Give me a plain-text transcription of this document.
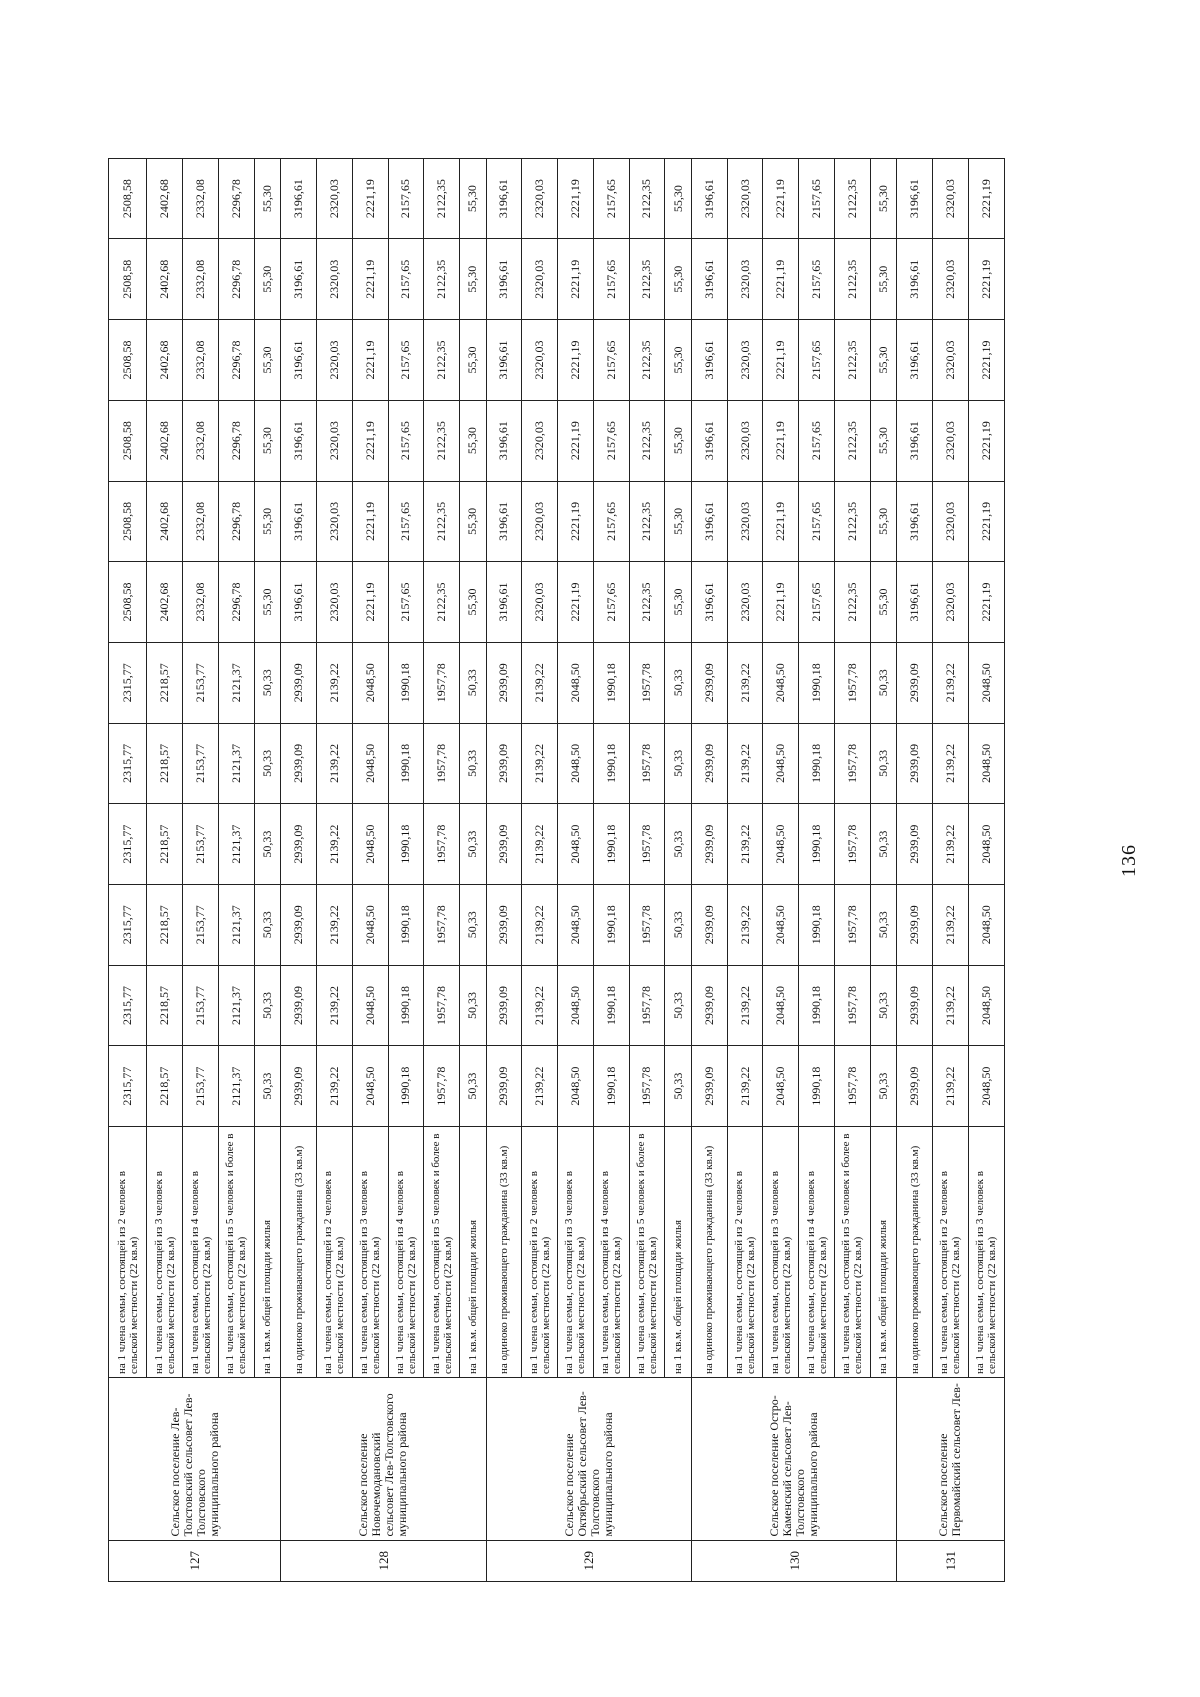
127	Сельское поселение Лев-Толстовский сельсовет Лев-Толстовского муниципального района	на 1 члена семьи, состоящей из 2 человек в сельской местности (22 кв.м)	2315,77	2315,77	2315,77	2315,77	2315,77	2315,77	2508,58	2508,58	2508,58	2508,58	2508,58	2508,58
		на 1 члена семьи, состоящей из 3 человек в сельской местности (22 кв.м)	2218,57	2218,57	2218,57	2218,57	2218,57	2218,57	2402,68	2402,68	2402,68	2402,68	2402,68	2402,68
		на 1 члена семьи, состоящей из 4 человек в сельской местности (22 кв.м)	2153,77	2153,77	2153,77	2153,77	2153,77	2153,77	2332,08	2332,08	2332,08	2332,08	2332,08	2332,08
		на 1 члена семьи, состоящей из 5 человек и более в сельской местности (22 кв.м)	2121,37	2121,37	2121,37	2121,37	2121,37	2121,37	2296,78	2296,78	2296,78	2296,78	2296,78	2296,78
		на 1 кв.м. общей площади жилья	50,33	50,33	50,33	50,33	50,33	50,33	55,30	55,30	55,30	55,30	55,30	55,30
128	Сельское поселение Новочемодановский сельсовет Лев-Толстовского муниципального района	на одиноко проживающего гражданина (33 кв.м)	2939,09	2939,09	2939,09	2939,09	2939,09	2939,09	3196,61	3196,61	3196,61	3196,61	3196,61	3196,61
		на 1 члена семьи, состоящей из 2 человек в сельской местности (22 кв.м)	2139,22	2139,22	2139,22	2139,22	2139,22	2139,22	2320,03	2320,03	2320,03	2320,03	2320,03	2320,03
		на 1 члена семьи, состоящей из 3 человек в сельской местности (22 кв.м)	2048,50	2048,50	2048,50	2048,50	2048,50	2048,50	2221,19	2221,19	2221,19	2221,19	2221,19	2221,19
		на 1 члена семьи, состоящей из 4 человек в сельской местности (22 кв.м)	1990,18	1990,18	1990,18	1990,18	1990,18	1990,18	2157,65	2157,65	2157,65	2157,65	2157,65	2157,65
		на 1 члена семьи, состоящей из 5 человек и более в сельской местности (22 кв.м)	1957,78	1957,78	1957,78	1957,78	1957,78	1957,78	2122,35	2122,35	2122,35	2122,35	2122,35	2122,35
		на 1 кв.м. общей площади жилья	50,33	50,33	50,33	50,33	50,33	50,33	55,30	55,30	55,30	55,30	55,30	55,30
129	Сельское поселение Октябрьский сельсовет Лев-Толстовского муниципального района	на одиноко проживающего гражданина (33 кв.м)	2939,09	2939,09	2939,09	2939,09	2939,09	2939,09	3196,61	3196,61	3196,61	3196,61	3196,61	3196,61
		на 1 члена семьи, состоящей из 2 человек в сельской местности (22 кв.м)	2139,22	2139,22	2139,22	2139,22	2139,22	2139,22	2320,03	2320,03	2320,03	2320,03	2320,03	2320,03
		на 1 члена семьи, состоящей из 3 человек в сельской местности (22 кв.м)	2048,50	2048,50	2048,50	2048,50	2048,50	2048,50	2221,19	2221,19	2221,19	2221,19	2221,19	2221,19
		на 1 члена семьи, состоящей из 4 человек в сельской местности (22 кв.м)	1990,18	1990,18	1990,18	1990,18	1990,18	1990,18	2157,65	2157,65	2157,65	2157,65	2157,65	2157,65
		на 1 члена семьи, состоящей из 5 человек и более в сельской местности (22 кв.м)	1957,78	1957,78	1957,78	1957,78	1957,78	1957,78	2122,35	2122,35	2122,35	2122,35	2122,35	2122,35
		на 1 кв.м. общей площади жилья	50,33	50,33	50,33	50,33	50,33	50,33	55,30	55,30	55,30	55,30	55,30	55,30
130	Сельское поселение Остро-Каменский сельсовет Лев-Толстовского муниципального района	на одиноко проживающего гражданина (33 кв.м)	2939,09	2939,09	2939,09	2939,09	2939,09	2939,09	3196,61	3196,61	3196,61	3196,61	3196,61	3196,61
		на 1 члена семьи, состоящей из 2 человек в сельской местности (22 кв.м)	2139,22	2139,22	2139,22	2139,22	2139,22	2139,22	2320,03	2320,03	2320,03	2320,03	2320,03	2320,03
		на 1 члена семьи, состоящей из 3 человек в сельской местности (22 кв.м)	2048,50	2048,50	2048,50	2048,50	2048,50	2048,50	2221,19	2221,19	2221,19	2221,19	2221,19	2221,19
		на 1 члена семьи, состоящей из 4 человек в сельской местности (22 кв.м)	1990,18	1990,18	1990,18	1990,18	1990,18	1990,18	2157,65	2157,65	2157,65	2157,65	2157,65	2157,65
		на 1 члена семьи, состоящей из 5 человек и более в сельской местности (22 кв.м)	1957,78	1957,78	1957,78	1957,78	1957,78	1957,78	2122,35	2122,35	2122,35	2122,35	2122,35	2122,35
		на 1 кв.м. общей площади жилья	50,33	50,33	50,33	50,33	50,33	50,33	55,30	55,30	55,30	55,30	55,30	55,30
131	Сельское поселение Первомайский сельсовет Лев-	на одиноко проживающего гражданина (33 кв.м)	2939,09	2939,09	2939,09	2939,09	2939,09	2939,09	3196,61	3196,61	3196,61	3196,61	3196,61	3196,61
		на 1 члена семьи, состоящей из 2 человек в сельской местности (22 кв.м)	2139,22	2139,22	2139,22	2139,22	2139,22	2139,22	2320,03	2320,03	2320,03	2320,03	2320,03	2320,03
		на 1 члена семьи, состоящей из 3 человек в сельской местности (22 кв.м)	2048,50	2048,50	2048,50	2048,50	2048,50	2048,50	2221,19	2221,19	2221,19	2221,19	2221,19	2221,19
136
